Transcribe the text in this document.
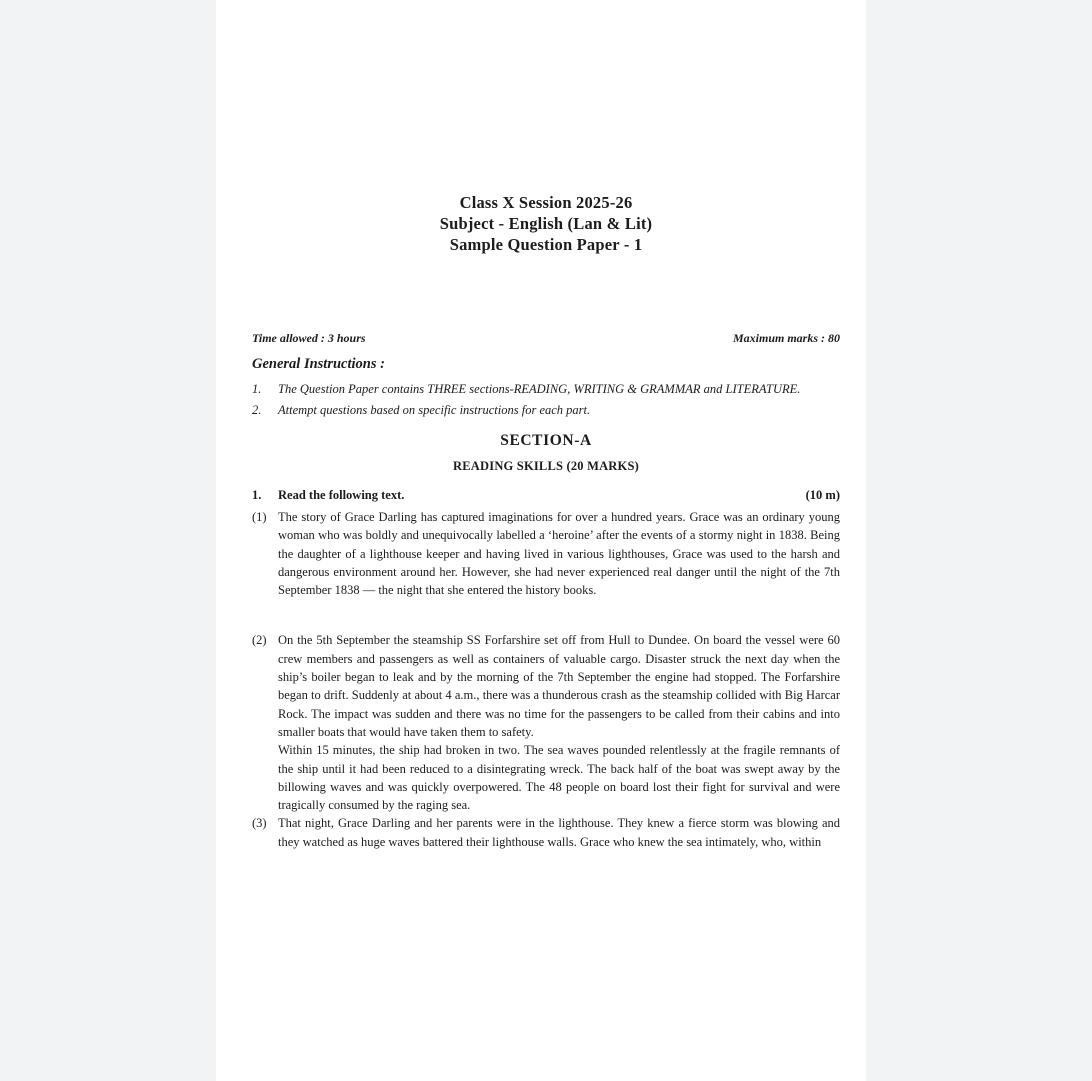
Class X Session 2025-26
Subject - English (Lan & Lit)
Sample Question Paper - 1
Time allowed : 3 hours	Maximum marks : 80
General Instructions :
1.	The Question Paper contains THREE sections-READING, WRITING & GRAMMAR and LITERATURE.
2.	Attempt questions based on specific instructions for each part.
SECTION-A
READING SKILLS (20 MARKS)
1.	Read the following text.	(10 m)
(1) The story of Grace Darling has captured imaginations for over a hundred years. Grace was an ordinary young woman who was boldly and unequivocally labelled a ‘heroine’ after the events of a stormy night in 1838. Being the daughter of a lighthouse keeper and having lived in various lighthouses, Grace was used to the harsh and dangerous environment around her. However, she had never experienced real danger until the night of the 7th September 1838 — the night that she entered the history books.

(2) On the 5th September the steamship SS Forfarshire set off from Hull to Dundee. On board the vessel were 60 crew members and passengers as well as containers of valuable cargo. Disaster struck the next day when the ship’s boiler began to leak and by the morning of the 7th September the engine had stopped. The Forfarshire began to drift. Suddenly at about 4 a.m., there was a thunderous crash as the steamship collided with Big Harcar Rock. The impact was sudden and there was no time for the passengers to be called from their cabins and into smaller boats that would have taken them to safety.

Within 15 minutes, the ship had broken in two. The sea waves pounded relentlessly at the fragile remnants of the ship until it had been reduced to a disintegrating wreck. The back half of the boat was swept away by the billowing waves and was quickly overpowered. The 48 people on board lost their fight for survival and were tragically consumed by the raging sea.

(3) That night, Grace Darling and her parents were in the lighthouse. They knew a fierce storm was blowing and they watched as huge waves battered their lighthouse walls. Grace who knew the sea intimately, who, within
